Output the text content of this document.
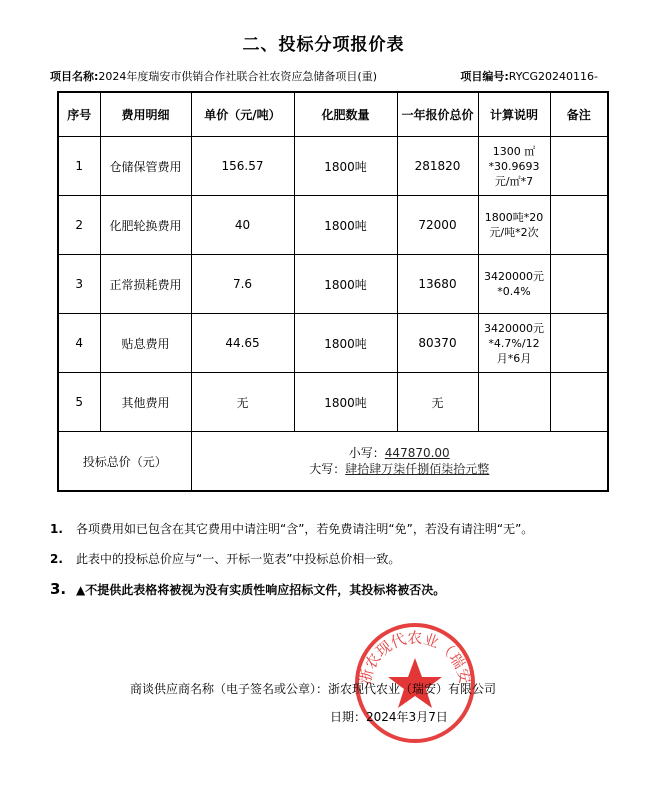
二、投标分项报价表
项目名称:2024年度瑞安市供销合作社联合社农资应急储备项目(重)	项目编号:RYCG20240116-
序号	费用明细	单价（元/吨）	化肥数量	一年报价总价	计算说明	备注
1	仓储保管费用	156.57	1800吨	281820	1300 ㎡
*30.9693
元/㎡*7	

2	化肥轮换费用	40	1800吨	72000	1800吨*20
元/吨*2次	

3	正常损耗费用	7.6	1800吨	13680	3420000元
*0.4%	

4	贴息费用	44.65	1800吨	80370	3420000元
*4.7%/12
月*6月	

5	其他费用	无	1800吨	无		
投标总价（元）		小写：447870.00
大写：肆拾肆万柒仟捌佰柒拾元整				
1. 各项费用如已包含在其它费用中请注明“含”，若免费请注明“免”，若没有请注明“无”。
2. 此表中的投标总价应与“一、开标一览表”中投标总价相一致。
3. ▲不提供此表格将被视为没有实质性响应招标文件，其投标将被否决。
浙农现代农业（瑞安
商谈供应商名称（电子签名或公章）：浙农现代农业（瑞安）有限公司
日期：2024年3月7日
